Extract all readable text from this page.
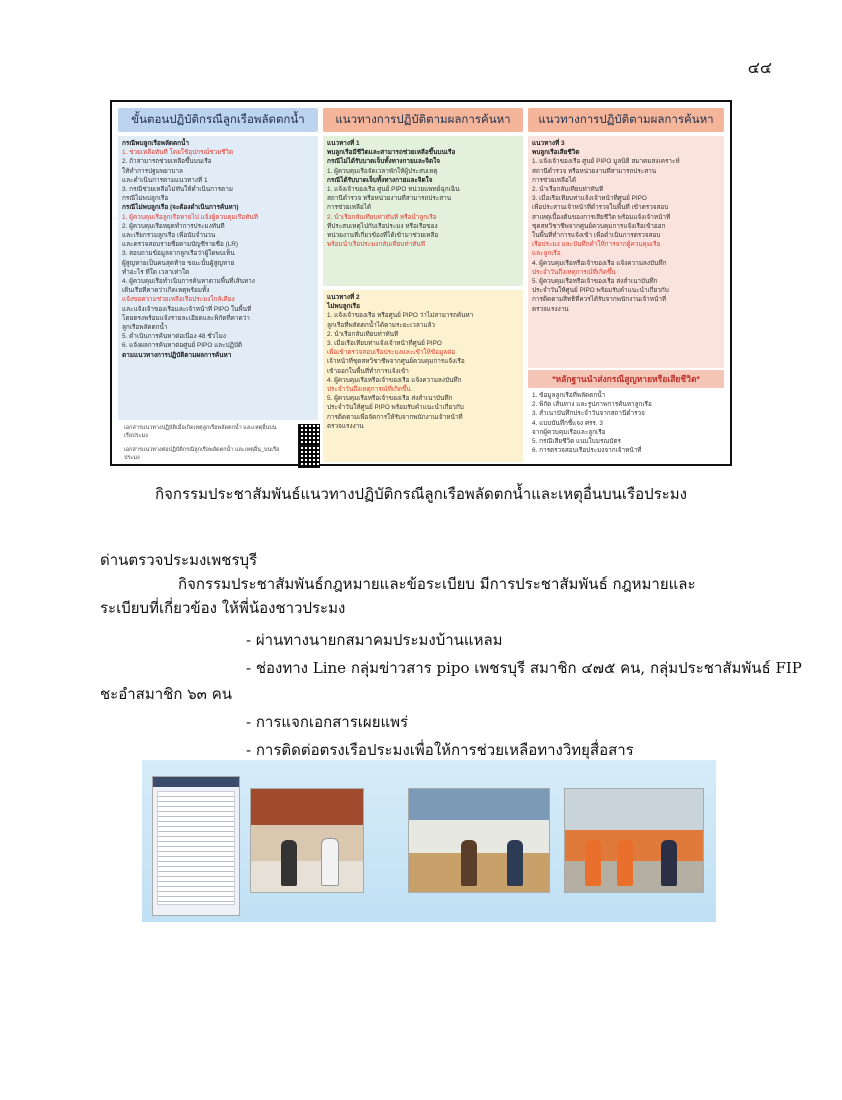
๔๔
ขั้นตอนปฏิบัติกรณีลูกเรือพลัดตกน้ำ
กรณีพบลูกเรือพลัดตกน้ำ
1. ช่วยเหลือทันที โดยใช้อุปกรณ์ช่วยชีวิต
2. ถ้าสามารถช่วยเหลือขึ้นบนเรือ
ให้ทำการปฐมพยาบาล
และดำเนินการตามแนวทางที่ 1
3. กรณีช่วยเหลือไม่ทันให้ดำเนินการตาม
กรณีไม่พบลูกเรือ
กรณีไม่พบลูกเรือ (จะต้องดำเนินการค้นหา)
1. ผู้ควบคุมเรือลูกเรือหายไป แจ้งผู้ควบคุมเรือทันที
2. ผู้ควบคุมเรือหยุดทำการประมงทันที
และเรียกรวมลูกเรือ เพื่อนับจำนวน
และตรวจสอบรายชื่อตามบัญชีรายชื่อ (LR)
3. สอบถามข้อมูลจากลูกเรือว่าผู้ใดพบเห็น
ผู้สูญหายเป็นคนสุดท้าย ขณะนั้นผู้สูญหาย
ทำอะไร ที่ใด เวลาเท่าใด
4. ผู้ควบคุมเรือทำเนินการค้นหาตามพื้นที่เส้นทาง
เดินเรือที่คาดว่าเกิดเหตุพร้อมทั้ง
แจ้งขอความช่วยเหลือเรือประมงใกล้เคียง
และแจ้งเจ้าของเรือและเจ้าหน้าที่ PIPO ในพื้นที่
โดยตรงพร้อมแจ้งรายละเอียดและพิกัดที่คาดว่า
ลูกเรือพลัดตกน้ำ
5. ดำเนินการค้นหาต่อเนื่อง 48 ชั่วโมง
6. แจ้งผลการค้นหาต่อศูนย์ PIPO และปฏิบัติ
ตามแนวทางการปฏิบัติตามผลการค้นหา
เอกสารแนวทางปฏิบัติเมื่อเกิดเหตุลูกเรือพลัดตกน้ำ และเหตุอื่นบนเรือประมง
เอกสารแนวทางต่อปฏิบัติกรณีลูกเรือพลัดตกน้ำ และเหตุอื่น_บนเรือประมง
แนวทางการปฏิบัติตามผลการค้นหา
แนวทางที่ 1
พบลูกเรือมีชีวิตและสามารถช่วยเหลือขึ้นบนเรือ
กรณีไม่ได้รับบาดเจ็บทั้งทางกายและจิตใจ
1. ผู้ควบคุมเรือจัดเวลาพักให้ผู้ประสบเหตุ
กรณีได้รับบาดเจ็บทั้งทางกายและจิตใจ
1. แจ้งเจ้าของเรือ ศูนย์ PIPO หน่วยแพทย์ฉุกเฉิน
สถานีตำรวจ หรือหน่วยงานที่สามารถประสาน
การช่วยเหลือได้
2. นำเรือกลับเทียบท่าทันที หรือนำลูกเรือ
ที่ประสบเหตุไปกับเรือประมง หรือเรือของ
หน่วยงานที่เกี่ยวข้องที่ได้เข้ามาช่วยเหลือ
พร้อมนำเรือประมงกลับเทียบท่าทันที
แนวทางที่ 2
ไม่พบลูกเรือ
1. แจ้งเจ้าของเรือ หรือศูนย์ PIPO ว่าไม่สามารถค้นหา
ลูกเรือที่พลัดตกน้ำได้ตามระยะเวลาแล้ว
2. นำเรือกลับเทียบท่าทันที
3. เมื่อเรือเทียบท่าแจ้งเจ้าหน้าที่ศูนย์ PIPO
เพื่อเข้าตรวจสอบเรือประมงและเข้าให้ข้อมูลต่อ
เจ้าหน้าที่ชุดสหวิชาชีพจากศูนย์ควบคุมการแจ้งเรือ
เข้าออกในพื้นที่ทำการแจ้งเข้า
4. ผู้ควบคุมเรือหรือเจ้าของเรือ แจ้งความลงบันทึก
ประจำวันถึงเหตุการณ์ที่เกิดขึ้น
5. ผู้ควบคุมเรือหรือเจ้าของเรือ ส่งสำเนาบันทึก
ประจำวันให้ศูนย์ PIPO พร้อมรับคำแนะนำเกี่ยวกับ
การติดตามเพื่อจัดการให้รับจากพนักงานเจ้าหน้าที่
ตรวจแรงงาน
แนวทางการปฏิบัติตามผลการค้นหา
แนวทางที่ 3
พบลูกเรือเสียชีวิต
1. แจ้งเจ้าของเรือ ศูนย์ PIPO มูลนิธิ สมาคมสงเคราะห์
สถานีตำรวจ หรือหน่วยงานที่สามารถประสาน
การช่วยเหลือได้
2. นำเรือกลับเทียบท่าทันที
3. เมื่อเรือเทียบท่าแจ้งเจ้าหน้าที่ศูนย์ PIPO
เพื่อประสานเจ้าหน้าที่ตำรวจในพื้นที่ เข้าตรวจสอบ
สาเหตุเบื้องต้นของการเสียชีวิต พร้อมแจ้งเจ้าหน้าที่
ชุดสหวิชาชีพจากศูนย์ควบคุมการแจ้งเรือเข้าออก
ในพื้นที่ทำการแจ้งเข้า เพื่อดำเนินการตรวจสอบ
เรือประมง และบันทึกคำให้การจากผู้ควบคุมเรือ
และลูกเรือ
4. ผู้ควบคุมเรือหรือเจ้าของเรือ แจ้งความลงบันทึก
ประจำวันถึงเหตุการณ์ที่เกิดขึ้น
5. ผู้ควบคุมเรือหรือเจ้าของเรือ ส่งสำเนาบันทึก
ประจำวันให้ศูนย์ PIPO พร้อมรับคำแนะนำเกี่ยวกับ
การติดตามสิทธิที่ควรได้รับจากพนักงานเจ้าหน้าที่
ตรวจแรงงาน
*หลักฐานนำส่งกรณีสูญหายหรือเสียชีวิต*
1. ข้อมูลลูกเรือที่พลัดตกน้ำ
2. พิกัด เส้นทาง และรูปภาพการค้นหาลูกเรือ
3. สำเนาบันทึกประจำวันจากสถานีตำรวจ
4. แบบบันทึกชี้แจง ศรร. 3
จากผู้ควบคุมเรือและลูกเรือ
5. กรณีเสียชีวิต แนบใบมรณบัตร
6. การตรวจสอบเรือประมงจากเจ้าหน้าที่
กิจกรรมประชาสัมพันธ์แนวทางปฏิบัติกรณีลูกเรือพลัดตกน้ำและเหตุอื่นบนเรือประมง
ด่านตรวจประมงเพชรบุรี
กิจกรรมประชาสัมพันธ์กฎหมายและข้อระเบียบ มีการประชาสัมพันธ์ กฎหมายและระเบียบที่เกี่ยวข้อง ให้พี่น้องชาวประมง
- ผ่านทางนายกสมาคมประมงบ้านแหลม
- ช่องทาง Line กลุ่มข่าวสาร pipo เพชรบุรี สมาชิก ๔๗๕ คน, กลุ่มประชาสัมพันธ์ FIP
ชะอำสมาชิก ๖๓ คน
- การแจกเอกสารเผยแพร่
- การติดต่อตรงเรือประมงเพื่อให้การช่วยเหลือทางวิทยุสื่อสาร
